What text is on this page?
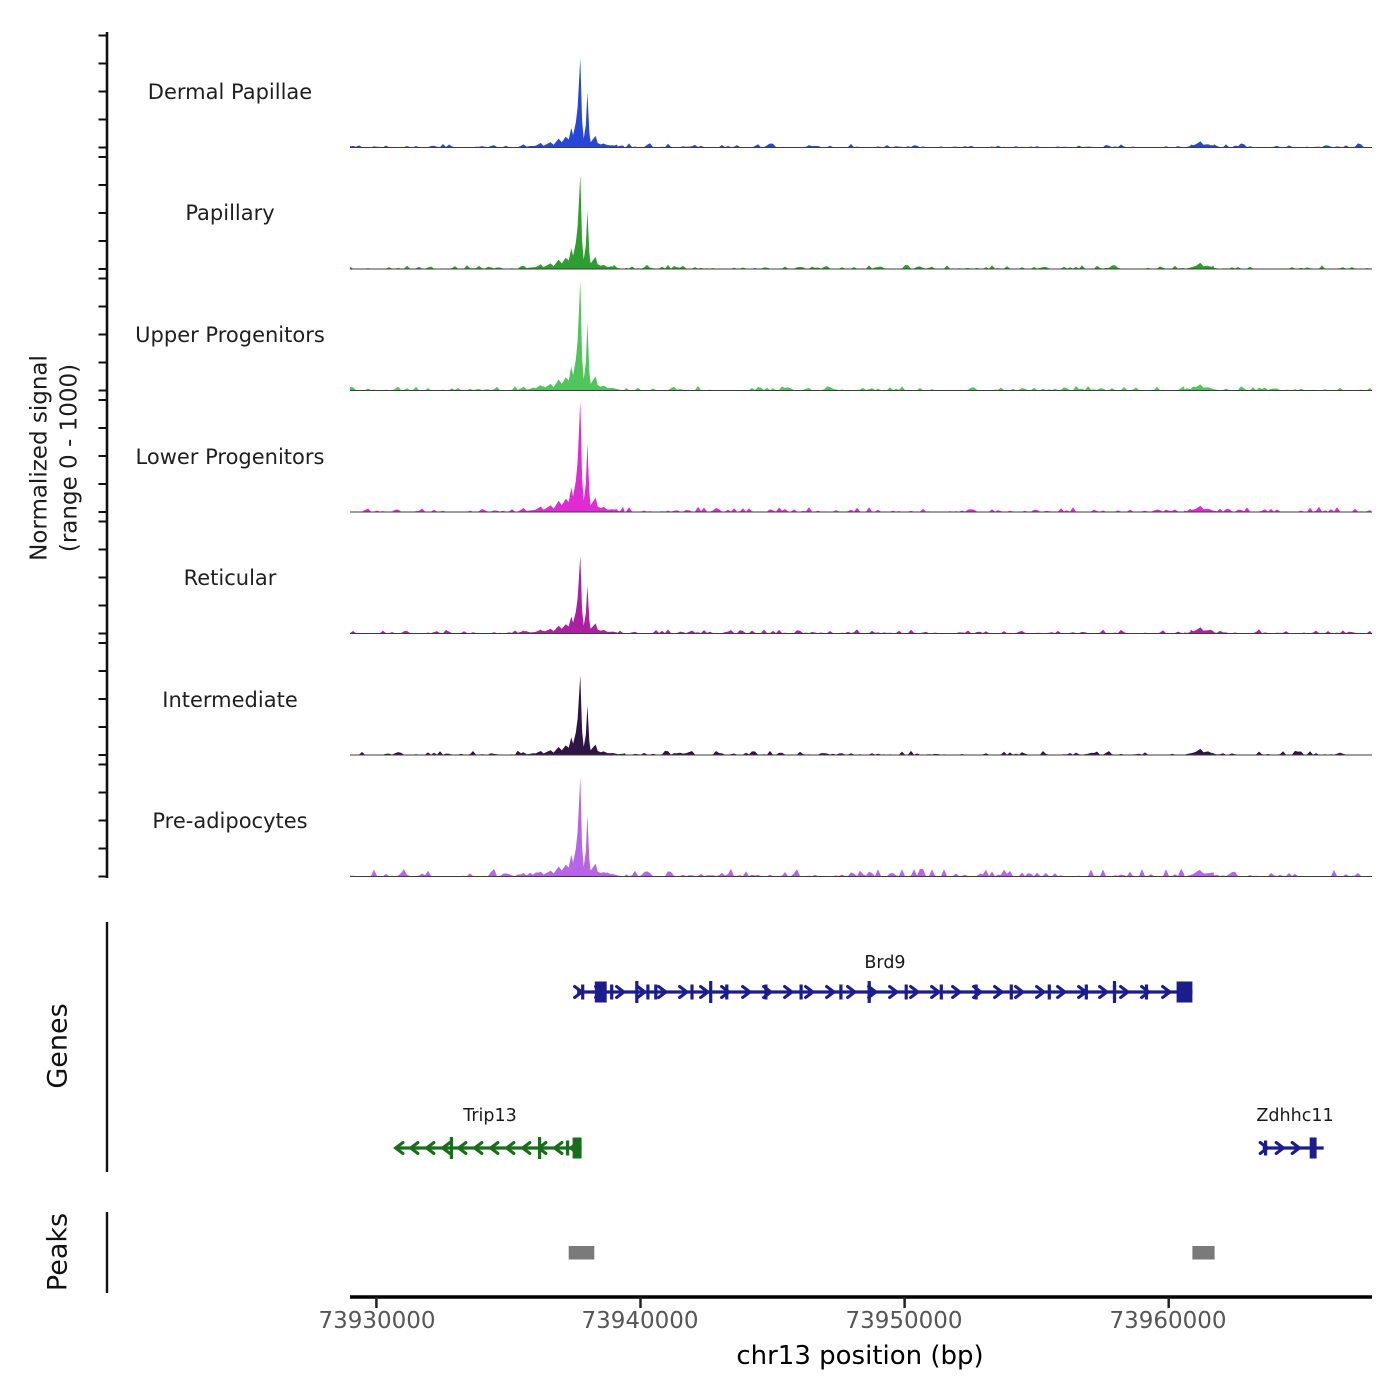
Dermal Papillae
Papillary
Upper Progenitors
Lower Progenitors
Reticular
Intermediate
Pre-adipocytes
Normalized signal (range 0 - 1000)
Genes
Peaks
Brd9
Trip13	Zdhhc11
73930000	73940000	73950000	73960000
chr13 position (bp)
